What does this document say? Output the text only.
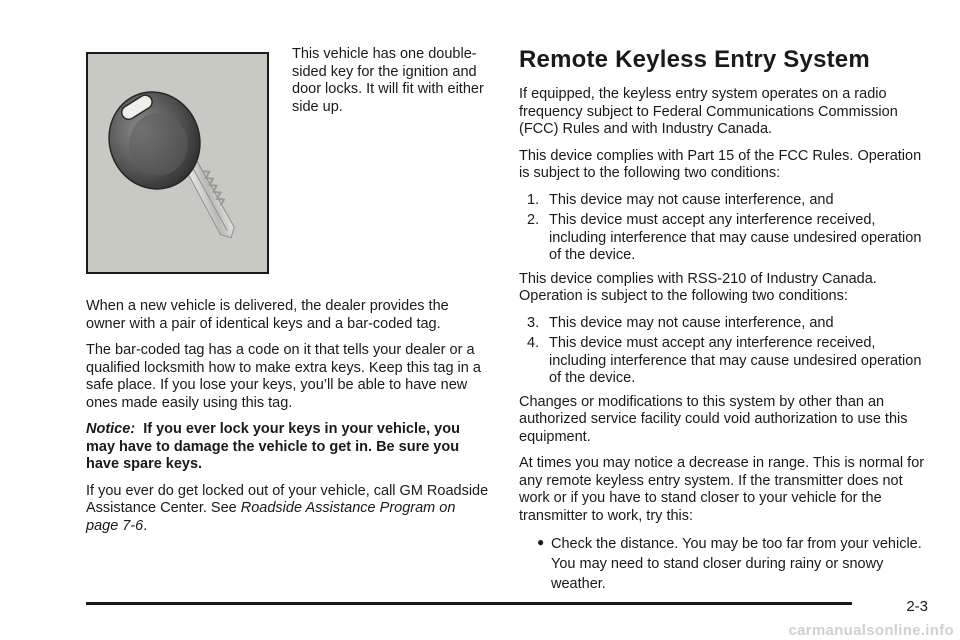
This vehicle has one double-sided key for the ignition and door locks. It will fit with either side up.

When a new vehicle is delivered, the dealer provides the owner with a pair of identical keys and a bar-coded tag.

The bar-coded tag has a code on it that tells your dealer or a qualified locksmith how to make extra keys. Keep this tag in a safe place. If you lose your keys, you’ll be able to have new ones made easily using this tag.

Notice: If you ever lock your keys in your vehicle, you may have to damage the vehicle to get in. Be sure you have spare keys.

If you ever do get locked out of your vehicle, call GM Roadside Assistance Center. See Roadside Assistance Program on page 7-6.

Remote Keyless Entry System

If equipped, the keyless entry system operates on a radio frequency subject to Federal Communications Commission (FCC) Rules and with Industry Canada.

This device complies with Part 15 of the FCC Rules. Operation is subject to the following two conditions:

1. This device may not cause interference, and
2. This device must accept any interference received, including interference that may cause undesired operation of the device.

This device complies with RSS-210 of Industry Canada. Operation is subject to the following two conditions:

3. This device may not cause interference, and
4. This device must accept any interference received, including interference that may cause undesired operation of the device.

Changes or modifications to this system by other than an authorized service facility could void authorization to use this equipment.

At times you may notice a decrease in range. This is normal for any remote keyless entry system. If the transmitter does not work or if you have to stand closer to your vehicle for the transmitter to work, try this:

● Check the distance. You may be too far from your vehicle. You may need to stand closer during rainy or snowy weather.
2-3
carmanualsonline.info
